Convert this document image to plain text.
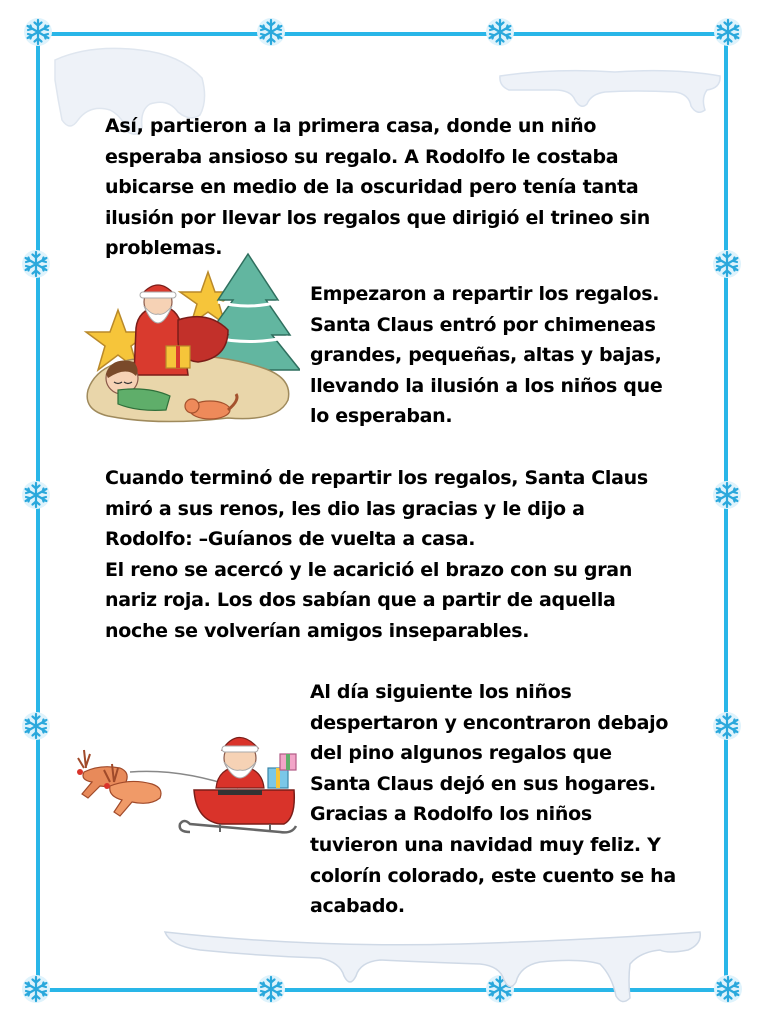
Así, partieron a la primera casa, donde un niño
esperaba ansioso su regalo. A Rodolfo le costaba
ubicarse en medio de la oscuridad pero tenía tanta
ilusión por llevar los regalos que dirigió el trineo sin
problemas.
Empezaron a repartir los regalos.
Santa Claus entró por chimeneas
grandes, pequeñas, altas y bajas,
llevando la ilusión a los niños que
lo esperaban.
Cuando terminó de repartir los regalos, Santa Claus
miró a sus renos, les dio las gracias y le dijo a
Rodolfo: –Guíanos de vuelta a casa.
El reno se acercó y le acarició el brazo con su gran
nariz roja. Los dos sabían que a partir de aquella
noche se volverían amigos inseparables.
Al día siguiente los niños
despertaron y encontraron debajo
del pino algunos regalos que
Santa Claus dejó en sus hogares.
Gracias a Rodolfo los niños
tuvieron una navidad muy feliz. Y
colorín colorado, este cuento se ha
acabado.
